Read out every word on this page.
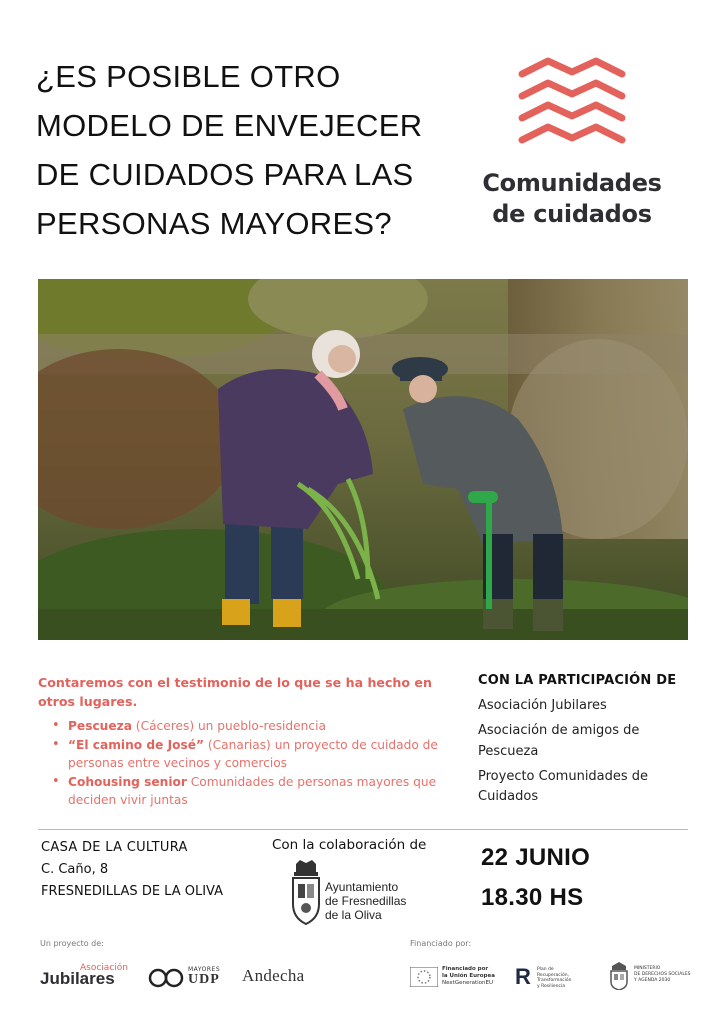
¿ES POSIBLE OTRO
MODELO DE ENVEJECER
DE CUIDADOS PARA LAS
PERSONAS MAYORES?
Comunidades
de cuidados
Contaremos con el testimonio de lo que se ha hecho en otros lugares.
• Pescueza (Cáceres) un pueblo-residencia
• “El camino de José” (Canarias) un proyecto de cuidado de personas entre vecinos y comercios
• Cohousing senior Comunidades de personas mayores que deciden vivir juntas
CON LA PARTICIPACIÓN DE
Asociación Jubilares
Asociación de amigos de Pescueza
Proyecto Comunidades de Cuidados
CASA DE LA CULTURA
C. Caño, 8
FRESNEDILLAS DE LA OLIVA
Con la colaboración de
Ayuntamiento
de Fresnedillas
de la Oliva
22 JUNIO
18.30 HS
Un proyecto de:	Financiado por:
Asociación
Jubilares	MAYORES
UDP Andecha	Financiado por
la Unión Europea
NextGenerationEU R Plan de
Recuperación,
Transformación
y Resiliencia
MINISTERIO
DE DERECHOS SOCIALES
Y AGENDA 2030
